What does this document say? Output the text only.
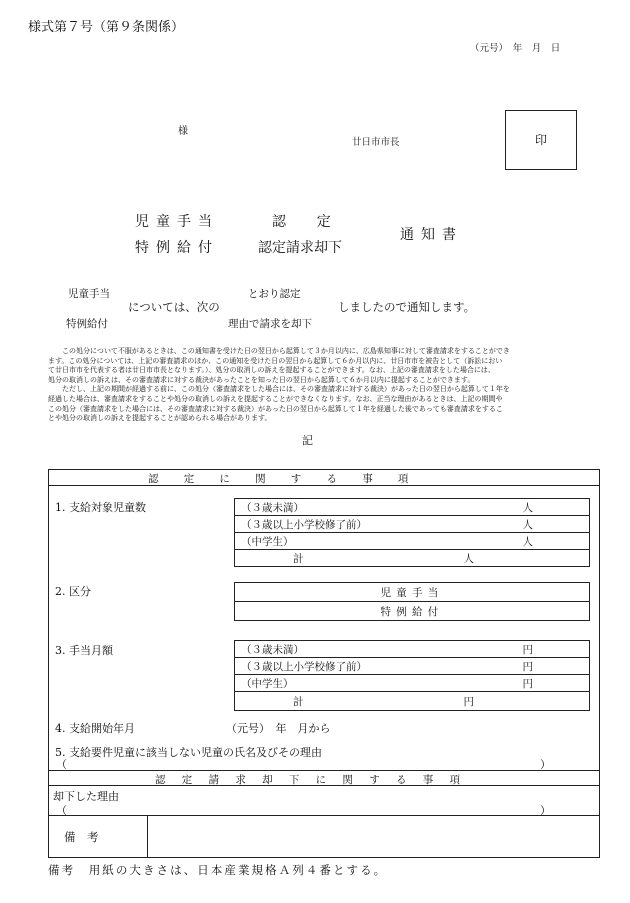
様式第７号（第９条関係）
（元号）　年　月　日
様
廿日市市長	印
児童手当	認　定
特例給付	認定請求却下
通知書
児童手当	とおり認定
については、次の	しましたので通知します。
特例給付	理由で請求を却下
この処分について不服があるときは、この通知書を受けた日の翌日から起算して３か月以内に、広島県知事に対して審査請求をすることができ
ます。この処分については、上記の審査請求のほか、この通知を受けた日の翌日から起算して６か月以内に、廿日市市を被告として（訴訟におい
て廿日市市を代表する者は廿日市市長となります。）、処分の取消しの訴えを提起することができます。なお、上記の審査請求をした場合には、
処分の取消しの訴えは、その審査請求に対する裁決があったことを知った日の翌日から起算して６か月以内に提起することができます。
ただし、上記の期間が経過する前に、この処分（審査請求をした場合には、その審査請求に対する裁決）があった日の翌日から起算して１年を
経過した場合は、審査請求をすることや処分の取消しの訴えを提起することができなくなります。なお、正当な理由があるときは、上記の期間や
この処分（審査請求をした場合には、その審査請求に対する裁決）があった日の翌日から起算して１年を経過した後であっても審査請求をするこ
とや処分の取消しの訴えを提起することが認められる場合があります。
記
認定に関する事項
1. 支給対象児童数	（３歳未満）	人

（３歳以上小学校修了前）	人

（中学生）	人

計	人
2. 区分	児童手当
特例給付
3. 手当月額	（３歳未満）	円

（３歳以上小学校修了前）	円

（中学生）	円

計	円
4. 支給開始年月	（元号）　年　月から
5. 支給要件児童に該当しない児童の氏名及びその理由
（	）
認定請求却下に関する事項
却下した理由
（	）
備　考
備考　用紙の大きさは、日本産業規格Ａ列４番とする。
